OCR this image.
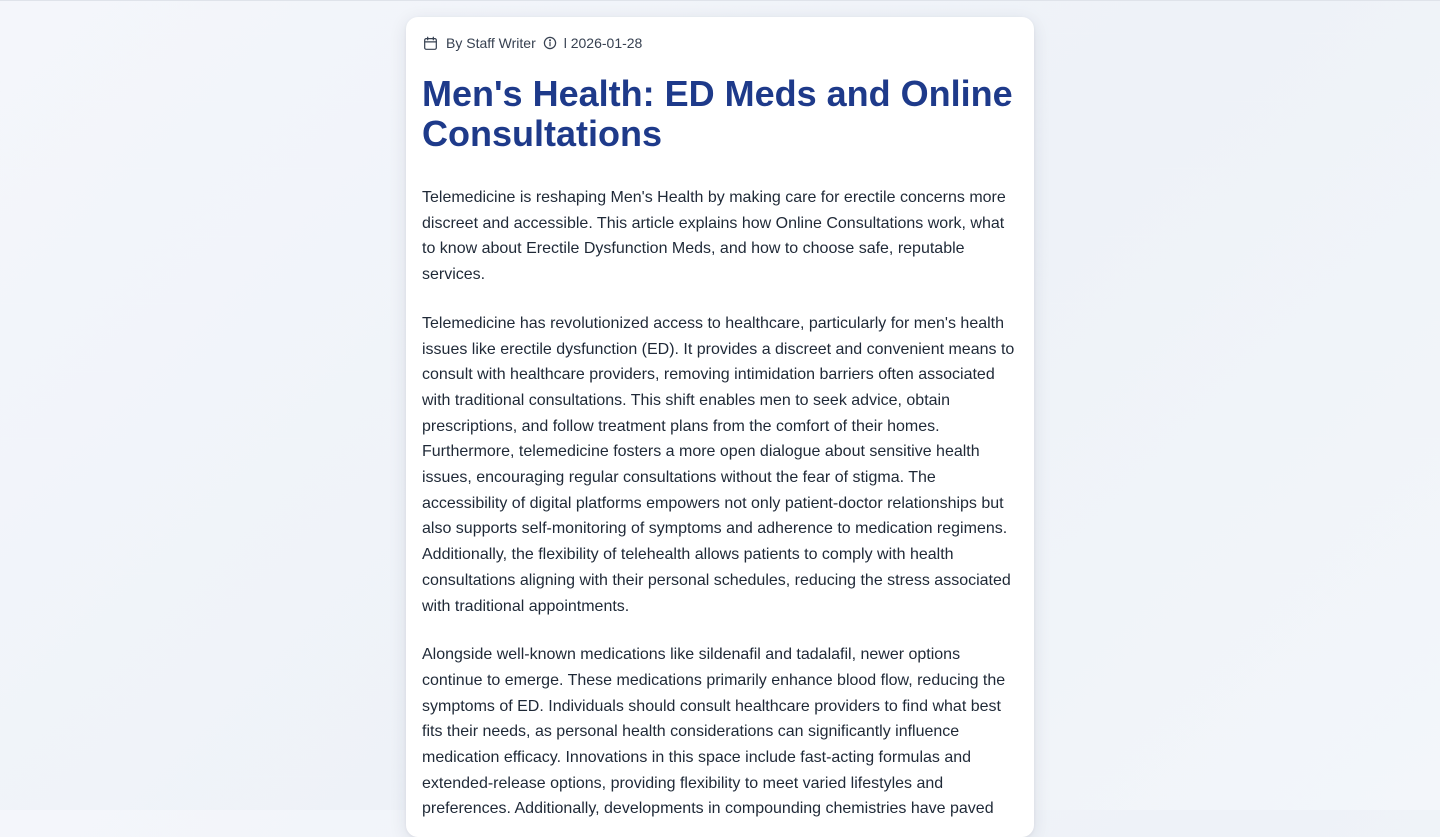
By Staff Writer l 2026-01-28
Men's Health: ED Meds and Online Consultations

Telemedicine is reshaping Men's Health by making care for erectile concerns more discreet and accessible. This article explains how Online Consultations work, what to know about Erectile Dysfunction Meds, and how to choose safe, reputable services.

Telemedicine has revolutionized access to healthcare, particularly for men's health issues like erectile dysfunction (ED). It provides a discreet and convenient means to consult with healthcare providers, removing intimidation barriers often associated with traditional consultations. This shift enables men to seek advice, obtain prescriptions, and follow treatment plans from the comfort of their homes. Furthermore, telemedicine fosters a more open dialogue about sensitive health issues, encouraging regular consultations without the fear of stigma. The accessibility of digital platforms empowers not only patient-doctor relationships but also supports self-monitoring of symptoms and adherence to medication regimens. Additionally, the flexibility of telehealth allows patients to comply with health consultations aligning with their personal schedules, reducing the stress associated with traditional appointments.

Alongside well-known medications like sildenafil and tadalafil, newer options continue to emerge. These medications primarily enhance blood flow, reducing the symptoms of ED. Individuals should consult healthcare providers to find what best fits their needs, as personal health considerations can significantly influence medication efficacy. Innovations in this space include fast-acting formulas and extended-release options, providing flexibility to meet varied lifestyles and preferences. Additionally, developments in compounding chemistries have paved
